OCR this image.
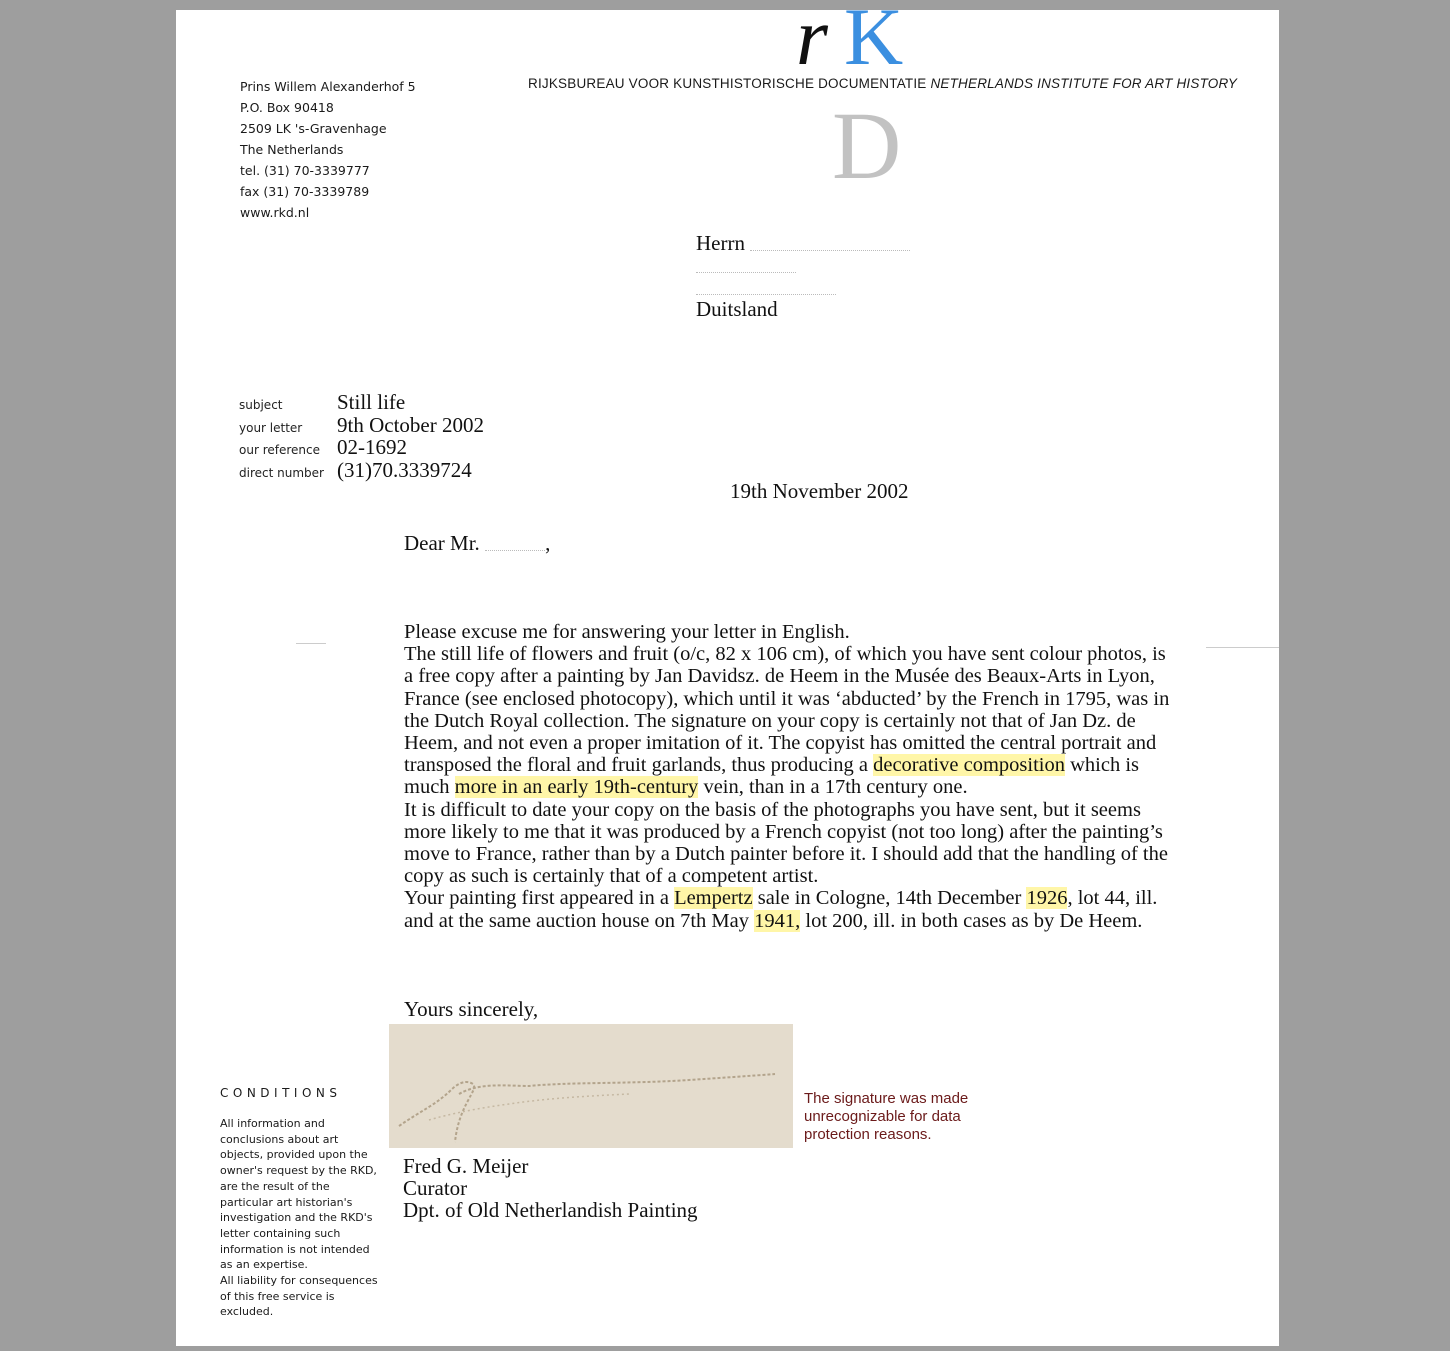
r K
D
RIJKSBUREAU VOOR KUNSTHISTORISCHE DOCUMENTATIE NETHERLANDS INSTITUTE FOR ART HISTORY
Prins Willem Alexanderhof 5
P.O. Box 90418
2509 LK 's-Gravenhage
The Netherlands
tel. (31) 70-3339777
fax (31) 70-3339789
www.rkd.nl
Herrn
Duitsland
subject	Still life
your letter	9th October 2002
our reference 02-1692
direct number (31)70.3339724
19th November 2002
Dear Mr.	,

Please excuse me for answering your letter in English.

The still life of flowers and fruit (o/c, 82 x 106 cm), of which you have sent colour photos, is a free copy after a painting by Jan Davidsz. de Heem in the Musée des Beaux-Arts in Lyon, France (see enclosed photocopy), which until it was ‘abducted’ by the French in 1795, was in the Dutch Royal collection. The signature on your copy is certainly not that of Jan Dz. de Heem, and not even a proper imitation of it. The copyist has omitted the central portrait and transposed the floral and fruit garlands, thus producing a decorative composition which is much more in an early 19th-century vein, than in a 17th century one.

It is difficult to date your copy on the basis of the photographs you have sent, but it seems more likely to me that it was produced by a French copyist (not too long) after the painting’s move to France, rather than by a Dutch painter before it. I should add that the handling of the copy as such is certainly that of a competent artist.

Your painting first appeared in a Lempertz sale in Cologne, 14th December 1926, lot 44, ill. and at the same auction house on 7th May 1941, lot 200, ill. in both cases as by De Heem.

Yours sincerely,
The signature was made unrecognizable for data protection reasons.
Fred G. Meijer
Curator
Dpt. of Old Netherlandish Painting
CONDITIONS
All information and conclusions about art objects, provided upon the owner's request by the RKD, are the result of the particular art historian's investigation and the RKD's letter containing such information is not intended as an expertise.
All liability for consequences of this free service is excluded.
